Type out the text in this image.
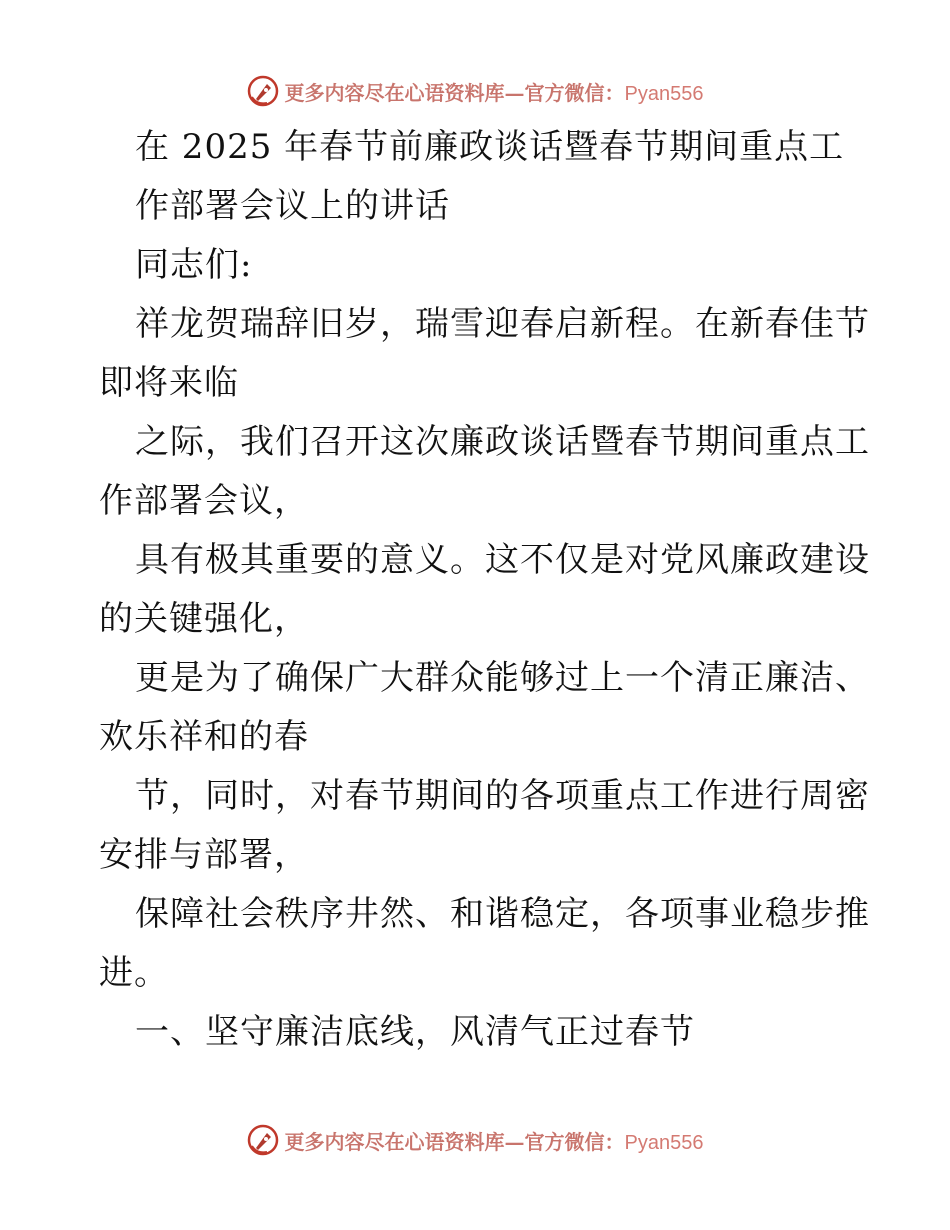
更多内容尽在心语资料库—官方微信：Pyan556
在 2025 年春节前廉政谈话暨春节期间重点工
作部署会议上的讲话
同志们:
祥龙贺瑞辞旧岁，瑞雪迎春启新程。在新春佳节
即将来临
之际，我们召开这次廉政谈话暨春节期间重点工
作部署会议，
具有极其重要的意义。这不仅是对党风廉政建设
的关键强化，
更是为了确保广大群众能够过上一个清正廉洁、
欢乐祥和的春
节，同时，对春节期间的各项重点工作进行周密
安排与部署，
保障社会秩序井然、和谐稳定，各项事业稳步推
进。
一、坚守廉洁底线，风清气正过春节
更多内容尽在心语资料库—官方微信：Pyan556
